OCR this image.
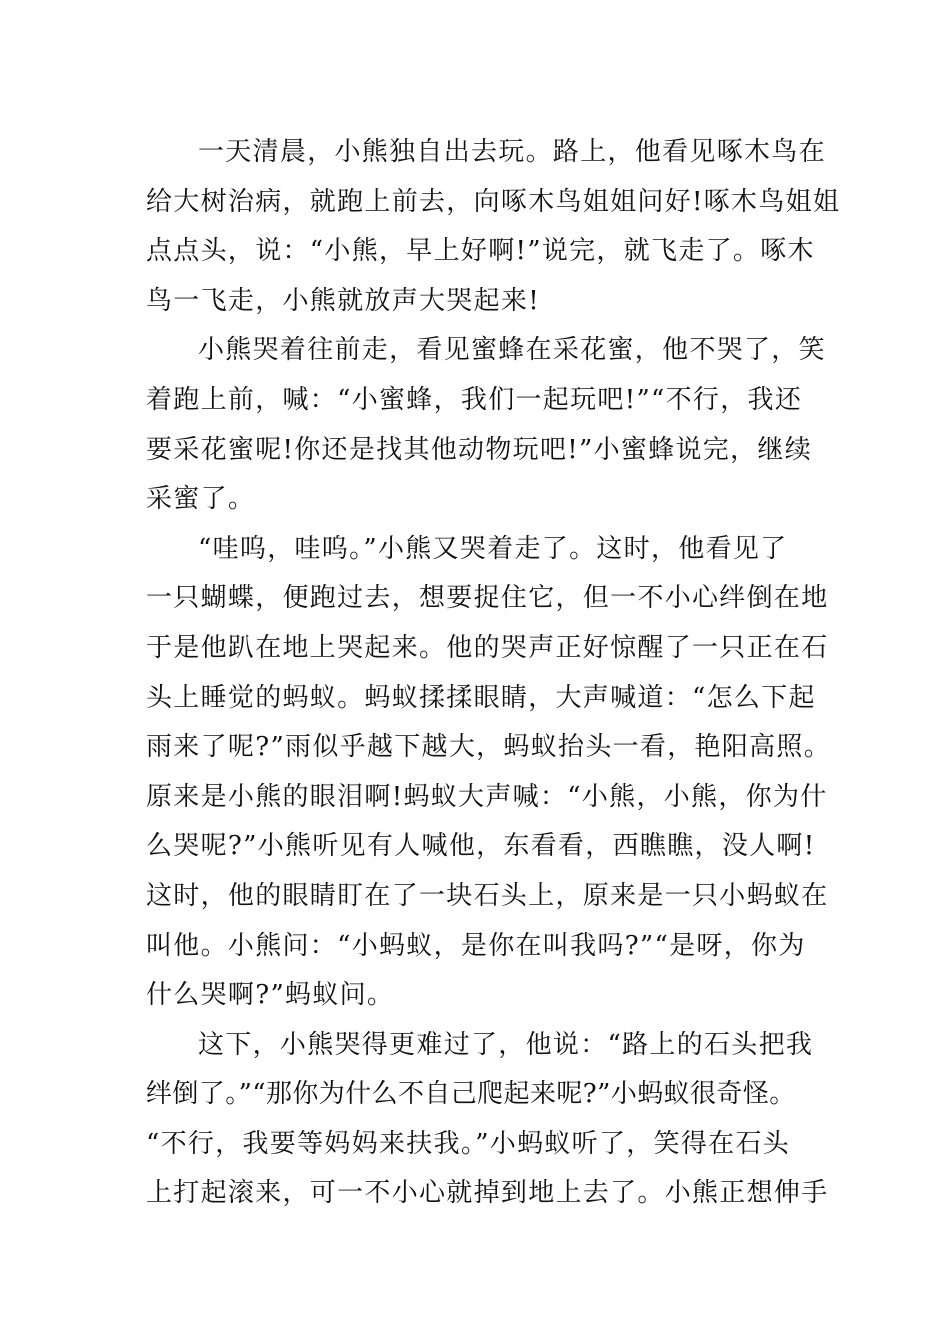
一天清晨，小熊独自出去玩。路上，他看见啄木鸟在
给大树治病，就跑上前去，向啄木鸟姐姐问好!啄木鸟姐姐
点点头，说：“小熊，早上好啊!”说完，就飞走了。啄木
鸟一飞走，小熊就放声大哭起来!
小熊哭着往前走，看见蜜蜂在采花蜜，他不哭了，笑
着跑上前，喊：“小蜜蜂，我们一起玩吧!”“不行，我还
要采花蜜呢!你还是找其他动物玩吧!”小蜜蜂说完，继续
采蜜了。
“哇呜，哇呜。”小熊又哭着走了。这时，他看见了
一只蝴蝶，便跑过去，想要捉住它，但一不小心绊倒在地
于是他趴在地上哭起来。他的哭声正好惊醒了一只正在石
头上睡觉的蚂蚁。蚂蚁揉揉眼睛，大声喊道：“怎么下起
雨来了呢?”雨似乎越下越大，蚂蚁抬头一看，艳阳高照。
原来是小熊的眼泪啊!蚂蚁大声喊：“小熊，小熊，你为什
么哭呢?”小熊听见有人喊他，东看看，西瞧瞧，没人啊!
这时，他的眼睛盯在了一块石头上，原来是一只小蚂蚁在
叫他。小熊问：“小蚂蚁，是你在叫我吗?”“是呀，你为
什么哭啊?”蚂蚁问。
这下，小熊哭得更难过了，他说：“路上的石头把我
绊倒了。”“那你为什么不自己爬起来呢?”小蚂蚁很奇怪。
“不行，我要等妈妈来扶我。”小蚂蚁听了，笑得在石头
上打起滚来，可一不小心就掉到地上去了。小熊正想伸手
